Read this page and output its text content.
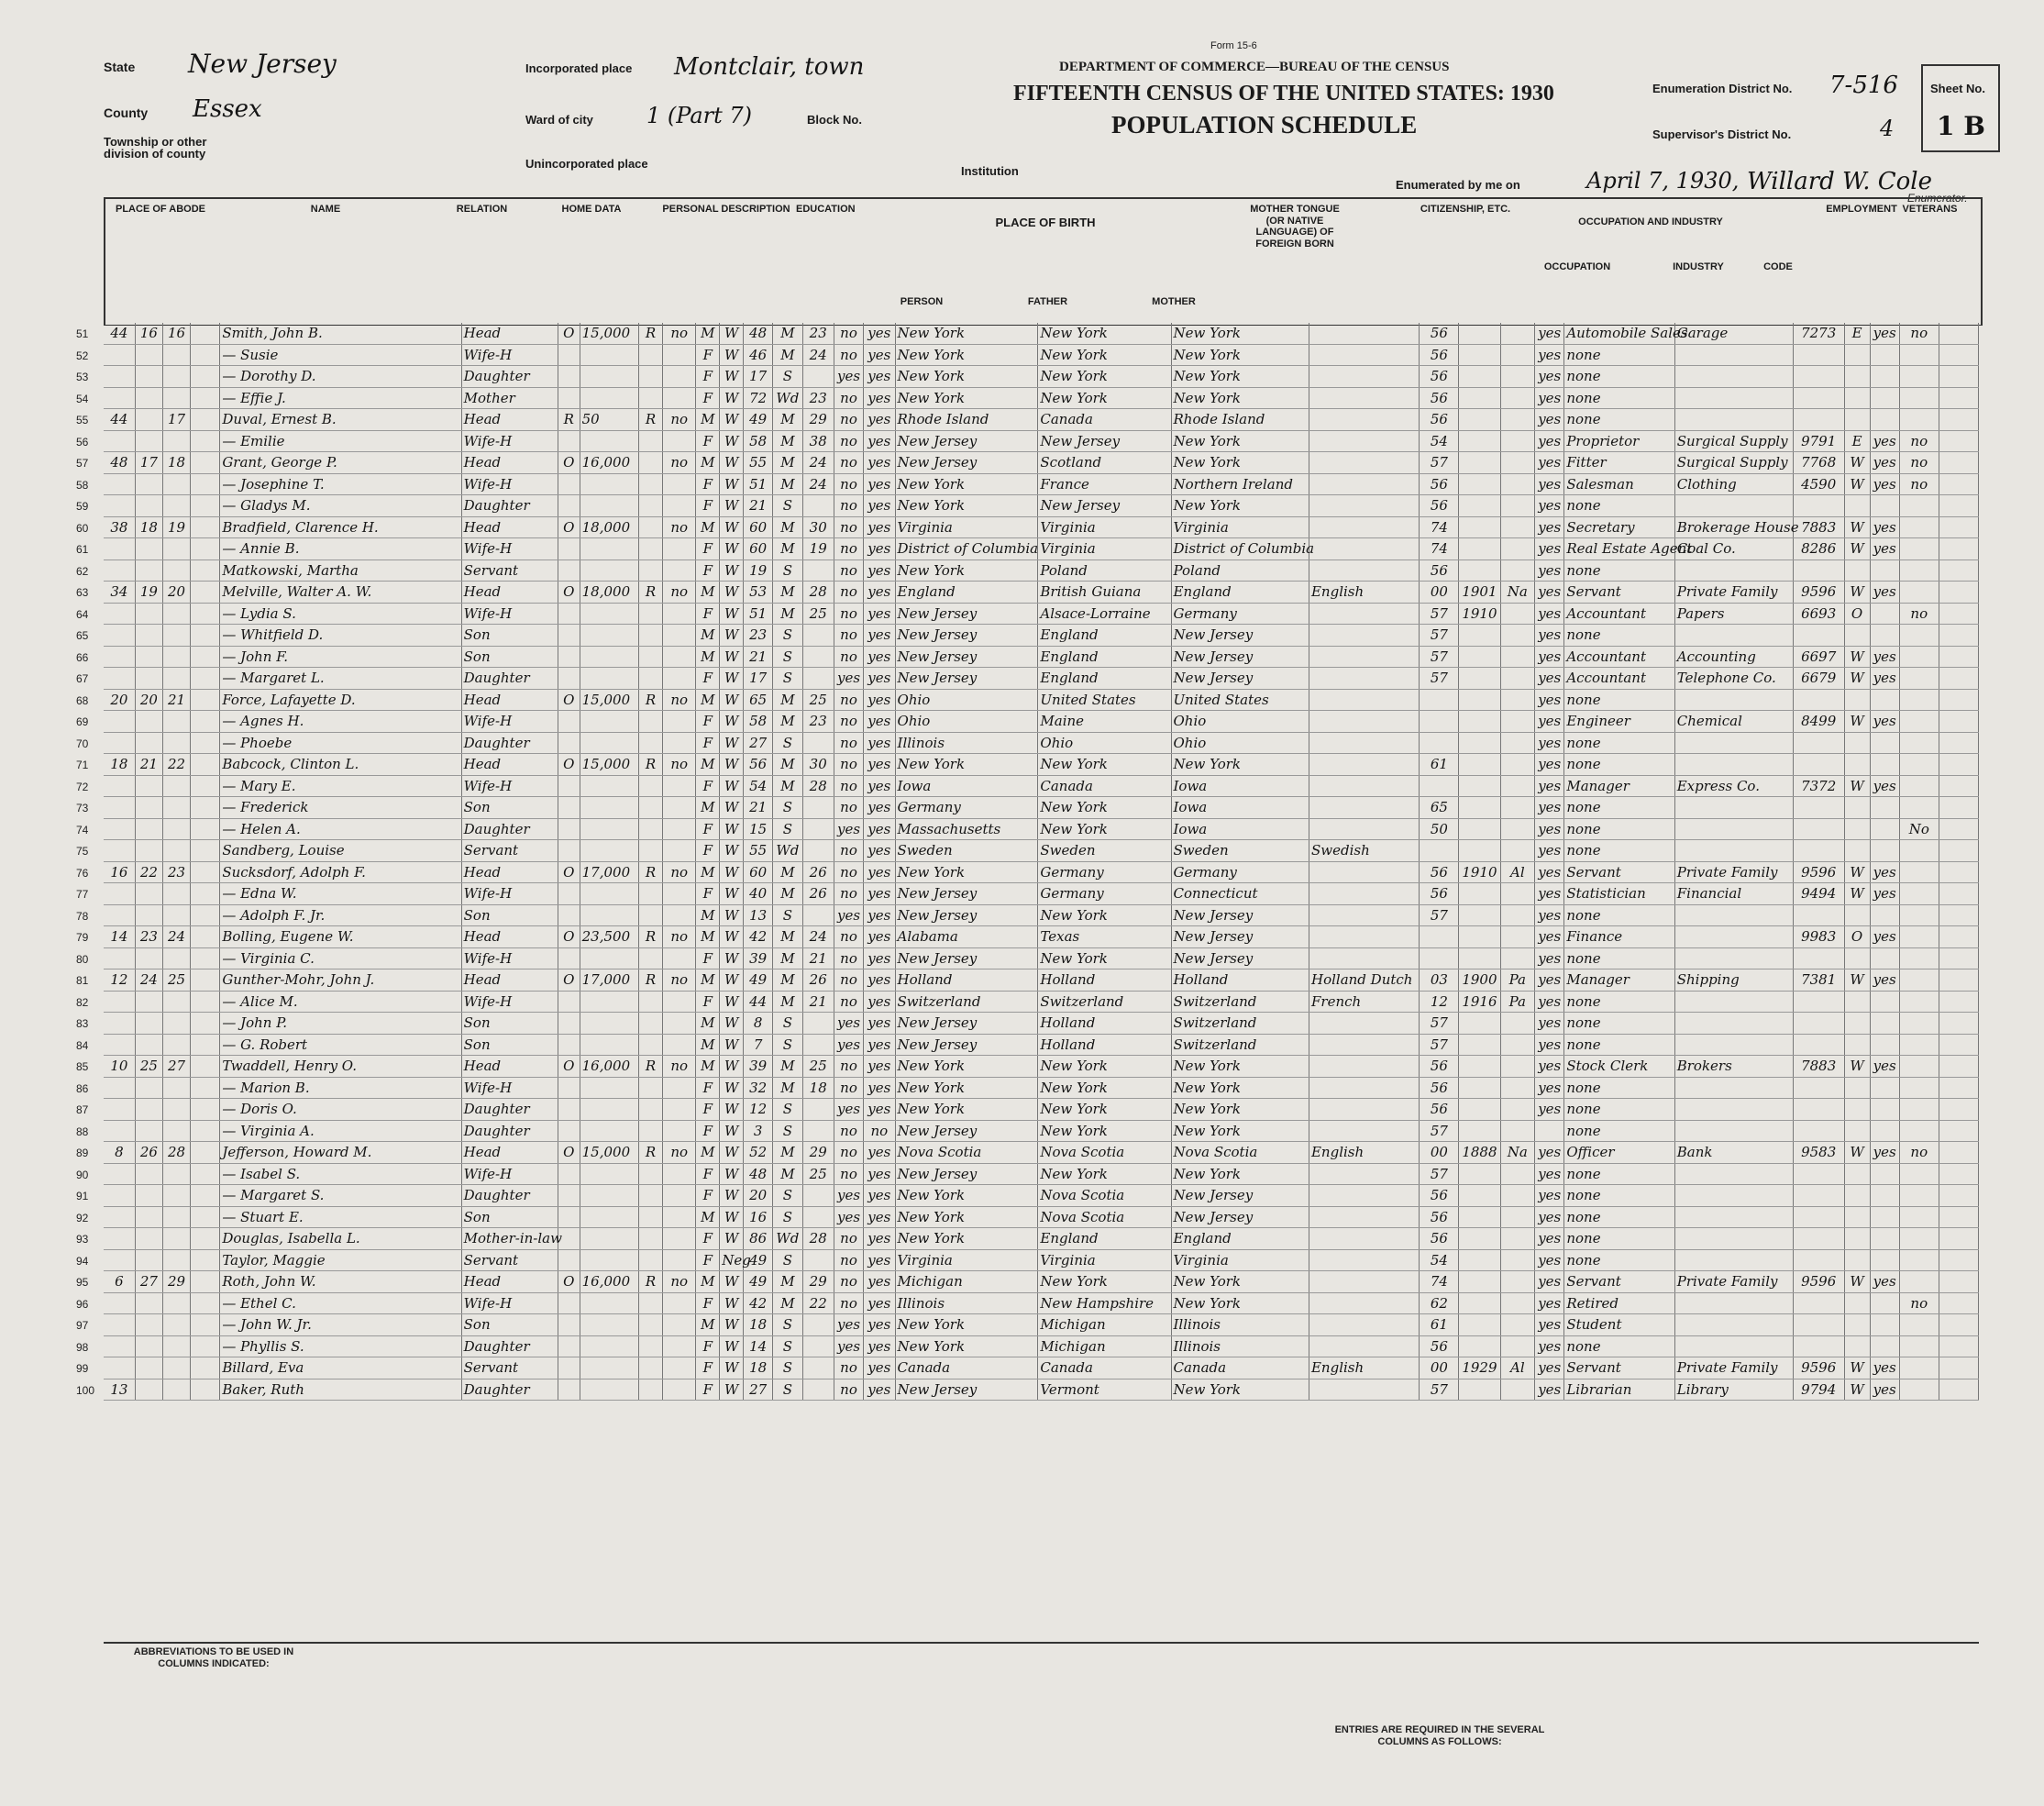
Form 15-6
DEPARTMENT OF COMMERCE—BUREAU OF THE CENSUS
FIFTEENTH CENSUS OF THE UNITED STATES: 1930
POPULATION SCHEDULE
State New Jersey
County Essex
Township or other division of county
Incorporated place Montclair, town
Ward of city 1 (Part 7)	Block No.
Unincorporated place
Institution
Enumeration District No. 7-516
Supervisor's District No.	4
Sheet No.
1 B
Enumerated by me on	April 7, 1930, Willard W. Cole
Enumerator.
PLACE OF ABODE	NAME	RELATION	HOME DATA	PERSONAL DESCRIPTION EDUCATION
PLACE OF BIRTH
MOTHER TONGUE (OR NATIVE LANGUAGE) OF FOREIGN BORN
CITIZENSHIP, ETC.
OCCUPATION AND INDUSTRY
EMPLOYMENT VETERANS
PERSON	FATHER	MOTHER
OCCUPATION	INDUSTRY	CODE
44	16	16		Smith, John B.	Head	O	15,000	R	no	M	W	48	M	23	no	yes	New York	New York	New York		56			yes	Automobile Sales	Garage	7273	E	yes	no	
				— Susie	Wife-H					F	W	46	M	24	no	yes	New York	New York	New York		56			yes	none						
				— Dorothy D.	Daughter					F	W	17	S		yes	yes	New York	New York	New York		56			yes	none						
				— Effie J.	Mother					F	W	72	Wd	23	no	yes	New York	New York	New York		56			yes	none						
44		17		Duval, Ernest B.	Head	R	50	R	no	M	W	49	M	29	no	yes	Rhode Island	Canada	Rhode Island		56			yes	none						
				— Emilie	Wife-H					F	W	58	M	38	no	yes	New Jersey	New Jersey	New York		54			yes	Proprietor	Surgical Supply	9791	E	yes	no	
48	17	18		Grant, George P.	Head	O	16,000		no	M	W	55	M	24	no	yes	New Jersey	Scotland	New York		57			yes	Fitter	Surgical Supply	7768	W	yes	no	
				— Josephine T.	Wife-H					F	W	51	M	24	no	yes	New York	France	Northern Ireland		56			yes	Salesman	Clothing	4590	W	yes	no	
				— Gladys M.	Daughter					F	W	21	S		no	yes	New York	New Jersey	New York		56			yes	none						
38	18	19		Bradfield, Clarence H.	Head	O	18,000		no	M	W	60	M	30	no	yes	Virginia	Virginia	Virginia		74			yes	Secretary	Brokerage House	7883	W	yes		
				— Annie B.	Wife-H					F	W	60	M	19	no	yes	District of Columbia	Virginia	District of Columbia		74			yes	Real Estate Agent	Coal Co.	8286	W	yes		
				Matkowski, Martha	Servant					F	W	19	S		no	yes	New York	Poland	Poland		56			yes	none						
34	19	20		Melville, Walter A. W.	Head	O	18,000	R	no	M	W	53	M	28	no	yes	England	British Guiana	England	English	00	1901	Na	yes	Servant	Private Family	9596	W	yes		
				— Lydia S.	Wife-H					F	W	51	M	25	no	yes	New Jersey	Alsace-Lorraine	Germany		57	1910		yes	Accountant	Papers	6693	O		no	
				— Whitfield D.	Son					M	W	23	S		no	yes	New Jersey	England	New Jersey		57			yes	none						
				— John F.	Son					M	W	21	S		no	yes	New Jersey	England	New Jersey		57			yes	Accountant	Accounting	6697	W	yes		
				— Margaret L.	Daughter					F	W	17	S		yes	yes	New Jersey	England	New Jersey		57			yes	Accountant	Telephone Co.	6679	W	yes		
20	20	21		Force, Lafayette D.	Head	O	15,000	R	no	M	W	65	M	25	no	yes	Ohio	United States	United States					yes	none						
				— Agnes H.	Wife-H					F	W	58	M	23	no	yes	Ohio	Maine	Ohio					yes	Engineer	Chemical	8499	W	yes		
				— Phoebe	Daughter					F	W	27	S		no	yes	Illinois	Ohio	Ohio					yes	none						
18	21	22		Babcock, Clinton L.	Head	O	15,000	R	no	M	W	56	M	30	no	yes	New York	New York	New York		61			yes	none						
				— Mary E.	Wife-H					F	W	54	M	28	no	yes	Iowa	Canada	Iowa					yes	Manager	Express Co.	7372	W	yes		
				— Frederick	Son					M	W	21	S		no	yes	Germany	New York	Iowa		65			yes	none						
				— Helen A.	Daughter					F	W	15	S		yes	yes	Massachusetts	New York	Iowa		50			yes	none					No	
				Sandberg, Louise	Servant					F	W	55	Wd		no	yes	Sweden	Sweden	Sweden	Swedish				yes	none						
16	22	23		Sucksdorf, Adolph F.	Head	O	17,000	R	no	M	W	60	M	26	no	yes	New York	Germany	Germany		56	1910	Al	yes	Servant	Private Family	9596	W	yes		
				— Edna W.	Wife-H					F	W	40	M	26	no	yes	New Jersey	Germany	Connecticut		56			yes	Statistician	Financial	9494	W	yes		
				— Adolph F. Jr.	Son					M	W	13	S		yes	yes	New Jersey	New York	New Jersey		57			yes	none						
14	23	24		Bolling, Eugene W.	Head	O	23,500	R	no	M	W	42	M	24	no	yes	Alabama	Texas	New Jersey					yes	Finance		9983	O	yes		
				— Virginia C.	Wife-H					F	W	39	M	21	no	yes	New Jersey	New York	New Jersey					yes	none						
12	24	25		Gunther-Mohr, John J.	Head	O	17,000	R	no	M	W	49	M	26	no	yes	Holland	Holland	Holland	Holland Dutch	03	1900	Pa	yes	Manager	Shipping	7381	W	yes		
				— Alice M.	Wife-H					F	W	44	M	21	no	yes	Switzerland	Switzerland	Switzerland	French	12	1916	Pa	yes	none						
				— John P.	Son					M	W	8	S		yes	yes	New Jersey	Holland	Switzerland		57			yes	none						
				— G. Robert	Son					M	W	7	S		yes	yes	New Jersey	Holland	Switzerland		57			yes	none						
10	25	27		Twaddell, Henry O.	Head	O	16,000	R	no	M	W	39	M	25	no	yes	New York	New York	New York		56			yes	Stock Clerk	Brokers	7883	W	yes		
				— Marion B.	Wife-H					F	W	32	M	18	no	yes	New York	New York	New York		56			yes	none						
				— Doris O.	Daughter					F	W	12	S		yes	yes	New York	New York	New York		56			yes	none						
				— Virginia A.	Daughter					F	W	3	S		no	no	New Jersey	New York	New York		57				none						
8	26	28		Jefferson, Howard M.	Head	O	15,000	R	no	M	W	52	M	29	no	yes	Nova Scotia	Nova Scotia	Nova Scotia	English	00	1888	Na	yes	Officer	Bank	9583	W	yes	no	
				— Isabel S.	Wife-H					F	W	48	M	25	no	yes	New Jersey	New York	New York		57			yes	none						
				— Margaret S.	Daughter					F	W	20	S		yes	yes	New York	Nova Scotia	New Jersey		56			yes	none						
				— Stuart E.	Son					M	W	16	S		yes	yes	New York	Nova Scotia	New Jersey		56			yes	none						
				Douglas, Isabella L.	Mother-in-law					F	W	86	Wd	28	no	yes	New York	England	England		56			yes	none						
				Taylor, Maggie	Servant					F	Neg	49	S		no	yes	Virginia	Virginia	Virginia		54			yes	none						
6	27	29		Roth, John W.	Head	O	16,000	R	no	M	W	49	M	29	no	yes	Michigan	New York	New York		74			yes	Servant	Private Family	9596	W	yes		
				— Ethel C.	Wife-H					F	W	42	M	22	no	yes	Illinois	New Hampshire	New York		62			yes	Retired					no	
				— John W. Jr.	Son					M	W	18	S		yes	yes	New York	Michigan	Illinois		61			yes	Student						
				— Phyllis S.	Daughter					F	W	14	S		yes	yes	New York	Michigan	Illinois		56			yes	none						
				Billard, Eva	Servant					F	W	18	S		no	yes	Canada	Canada	Canada	English	00	1929	Al	yes	Servant	Private Family	9596	W	yes		
13				Baker, Ruth	Daughter					F	W	27	S		no	yes	New Jersey	Vermont	New York		57			yes	Librarian	Library	9794	W	yes		
ABBREVIATIONS TO BE USED IN COLUMNS INDICATED:
ENTRIES ARE REQUIRED IN THE SEVERAL COLUMNS AS FOLLOWS:
51
52
53
54
55
56
57
58
59
60
61
62
63
64
65
66
67
68
69
70
71
72
73
74
75
76
77
78
79
80
81
82
83
84
85
86
87
88
89
90
91
92
93
94
95
96
97
98
99
100
